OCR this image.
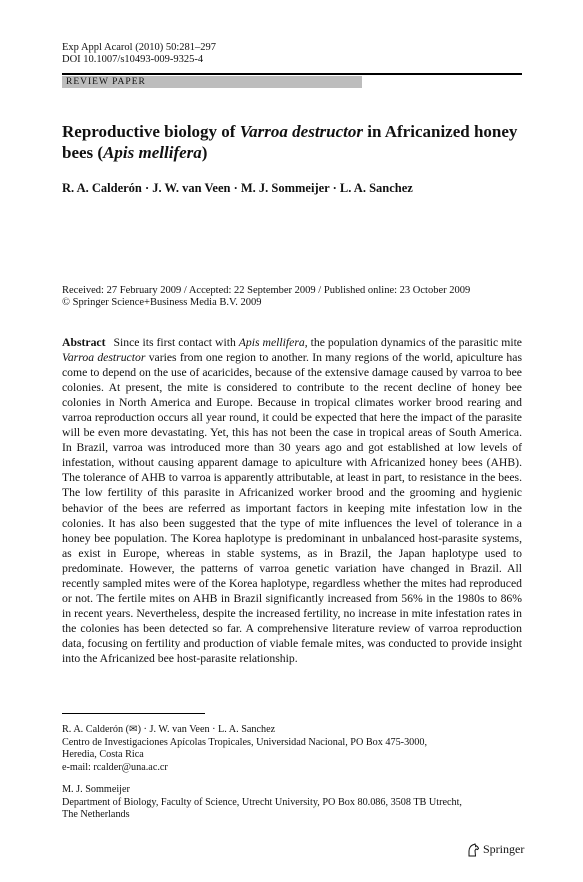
Exp Appl Acarol (2010) 50:281–297
DOI 10.1007/s10493-009-9325-4
REVIEW PAPER
Reproductive biology of Varroa destructor in Africanized honey bees (Apis mellifera)
R. A. Calderón · J. W. van Veen · M. J. Sommeijer · L. A. Sanchez
Received: 27 February 2009 / Accepted: 22 September 2009 / Published online: 23 October 2009
© Springer Science+Business Media B.V. 2009
Abstract Since its first contact with Apis mellifera, the population dynamics of the parasitic mite Varroa destructor varies from one region to another. In many regions of the world, apiculture has come to depend on the use of acaricides, because of the extensive damage caused by varroa to bee colonies. At present, the mite is considered to contribute to the recent decline of honey bee colonies in North America and Europe. Because in tropical climates worker brood rearing and varroa reproduction occurs all year round, it could be expected that here the impact of the parasite will be even more devastating. Yet, this has not been the case in tropical areas of South America. In Brazil, varroa was introduced more than 30 years ago and got established at low levels of infestation, without causing apparent damage to apiculture with Africanized honey bees (AHB). The tolerance of AHB to varroa is apparently attributable, at least in part, to resistance in the bees. The low fertility of this parasite in Africanized worker brood and the grooming and hygienic behavior of the bees are referred as important factors in keeping mite infestation low in the colonies. It has also been suggested that the type of mite influences the level of tolerance in a honey bee population. The Korea haplotype is predominant in unbalanced host-parasite systems, as exist in Europe, whereas in stable systems, as in Brazil, the Japan haplotype used to predominate. However, the patterns of varroa genetic variation have changed in Brazil. All recently sampled mites were of the Korea haplotype, regardless whether the mites had reproduced or not. The fertile mites on AHB in Brazil significantly increased from 56% in the 1980s to 86% in recent years. Nevertheless, despite the increased fertility, no increase in mite infestation rates in the colonies has been detected so far. A comprehensive literature review of varroa reproduction data, focusing on fertility and production of viable female mites, was conducted to provide insight into the Africanized bee host-parasite relationship.
R. A. Calderón (✉) · J. W. van Veen · L. A. Sanchez
Centro de Investigaciones Apícolas Tropicales, Universidad Nacional, PO Box 475-3000,
Heredia, Costa Rica
e-mail: rcalder@una.ac.cr
M. J. Sommeijer
Department of Biology, Faculty of Science, Utrecht University, PO Box 80.086, 3508 TB Utrecht,
The Netherlands
Springer
